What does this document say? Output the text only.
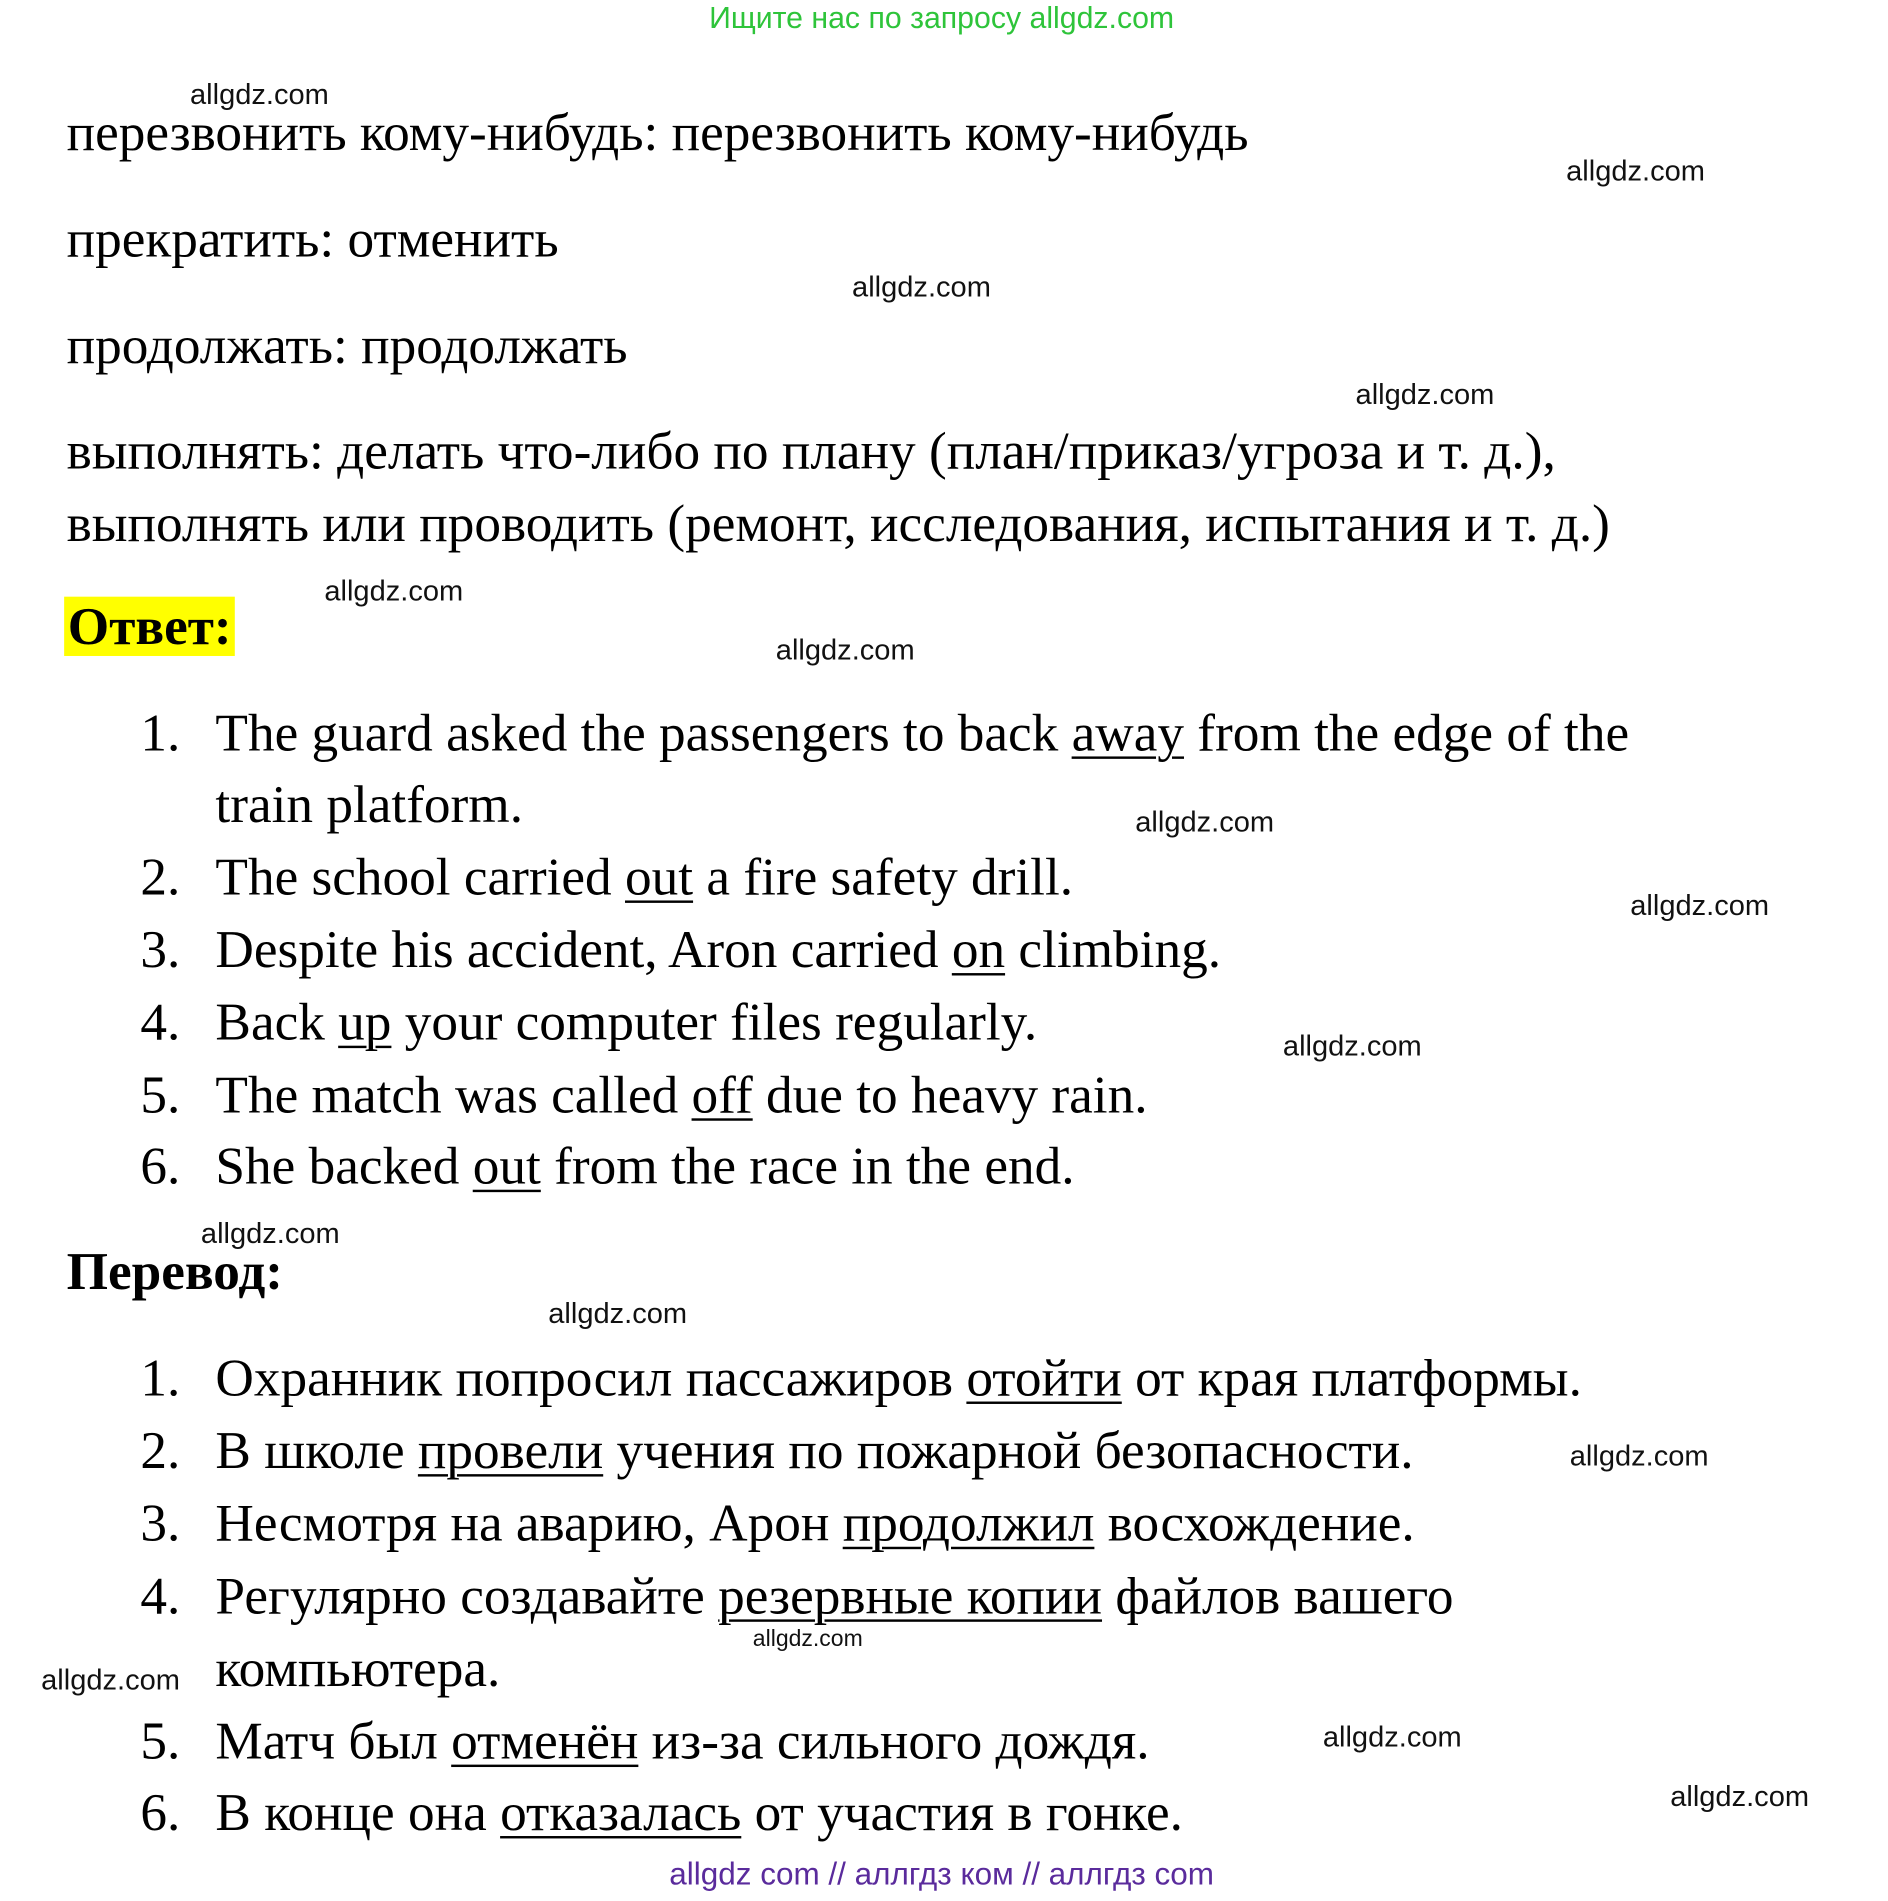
Ищите нас по запросу allgdz.com
перезвонить кому-нибудь: перезвонить кому-нибудь
прекратить: отменить
продолжать: продолжать
выполнять: делать что-либо по плану (план/приказ/угроза и т. д.),
выполнять или проводить (ремонт, исследования, испытания и т. д.)
Ответ:
1. The guard asked the passengers to back away from the edge of the
train platform.
2. The school carried out a fire safety drill.
3. Despite his accident, Aron carried on climbing.
4. Back up your computer files regularly.
5. The match was called off due to heavy rain.
6. She backed out from the race in the end.
Перевод:
1. Охранник попросил пассажиров отойти от края платформы.
2. В школе провели учения по пожарной безопасности.
3. Несмотря на аварию, Арон продолжил восхождение.
4. Регулярно создавайте резервные копии файлов вашего
компьютера.
5. Матч был отменён из-за сильного дождя.
6. В конце она отказалась от участия в гонке.
allgdz com // аллгдз ком // аллгдз com
allgdz.com
allgdz.com
allgdz.com
allgdz.com
allgdz.com
allgdz.com
allgdz.com
allgdz.com
allgdz.com
allgdz.com
allgdz.com
allgdz.com
allgdz.com
allgdz.com
allgdz.com
allgdz.com
